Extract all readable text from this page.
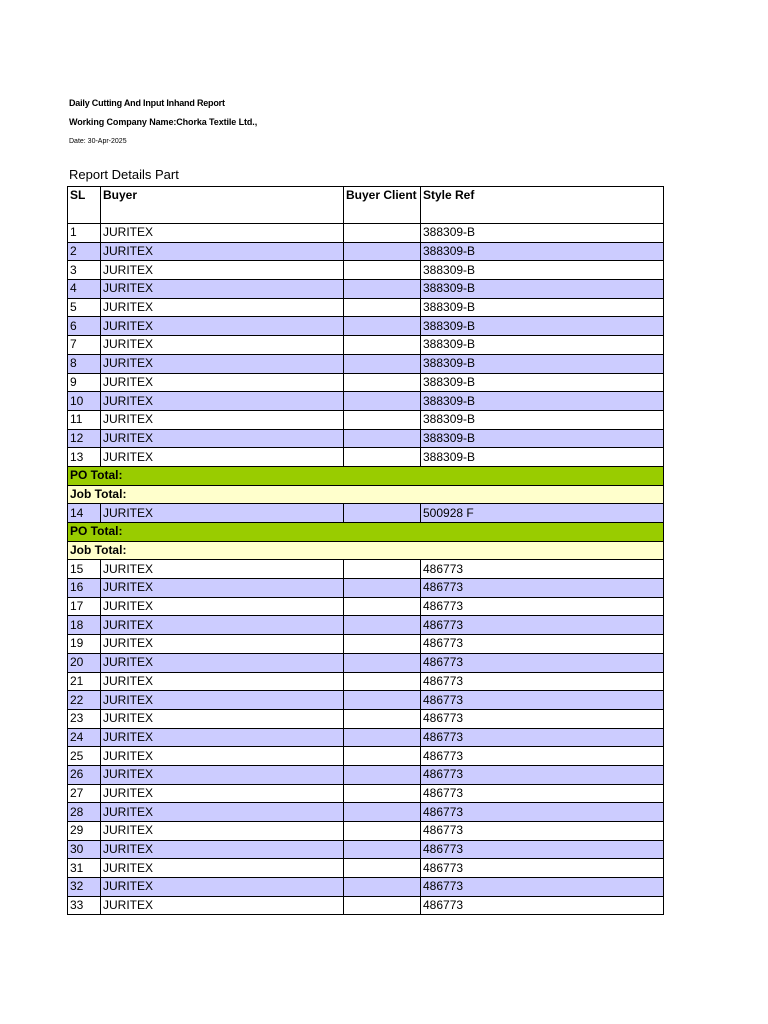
Daily Cutting And Input Inhand Report
Working Company Name:Chorka Textile Ltd.,
Date: 30-Apr-2025
Report Details Part
SL	Buyer	Buyer Client	Style Ref
1	JURITEX		388309-B
2	JURITEX		388309-B
3	JURITEX		388309-B
4	JURITEX		388309-B
5	JURITEX		388309-B
6	JURITEX		388309-B
7	JURITEX		388309-B
8	JURITEX		388309-B
9	JURITEX		388309-B
10	JURITEX		388309-B
11	JURITEX		388309-B
12	JURITEX		388309-B
13	JURITEX		388309-B
PO Total:			
Job Total:			
14	JURITEX		500928 F
PO Total:			
Job Total:			
15	JURITEX		486773
16	JURITEX		486773
17	JURITEX		486773
18	JURITEX		486773
19	JURITEX		486773
20	JURITEX		486773
21	JURITEX		486773
22	JURITEX		486773
23	JURITEX		486773
24	JURITEX		486773
25	JURITEX		486773
26	JURITEX		486773
27	JURITEX		486773
28	JURITEX		486773
29	JURITEX		486773
30	JURITEX		486773
31	JURITEX		486773
32	JURITEX		486773
33	JURITEX		486773
